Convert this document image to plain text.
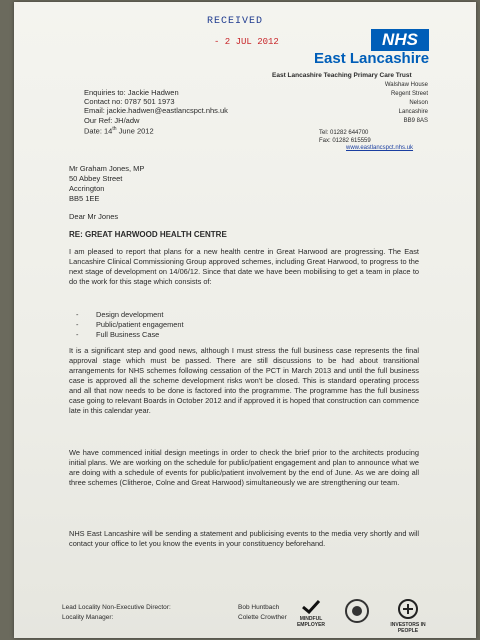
RECEIVED
- 2 JUL 2012	NHS
East Lancashire
East Lancashire Teaching Primary Care Trust
Walshaw House
Regent Street
Nelson
Lancashire
BB9 8AS
Tel: 01282 644700
Fax: 01282 615559
www.eastlancspct.nhs.uk
Enquiries to: Jackie Hadwen
Contact no: 0787 501 1973
Email: jackie.hadwen@eastlancspct.nhs.uk
Our Ref: JH/adw
Date: 14th June 2012
Mr Graham Jones, MP
50 Abbey Street
Accrington
BB5 1EE
Dear Mr Jones
RE: GREAT HARWOOD HEALTH CENTRE
I am pleased to report that plans for a new health centre in Great Harwood are progressing. The East Lancashire Clinical Commissioning Group approved schemes, including Great Harwood, to progress to the next stage of development on 14/06/12. Since that date we have been mobilising to get a team in place to do the work for this stage which consists of:
-	Design development
-	Public/patient engagement
-	Full Business Case
It is a significant step and good news, although I must stress the full business case represents the final approval stage which must be passed. There are still discussions to be had about transitional arrangements for NHS schemes following cessation of the PCT in March 2013 and until the full business case is approved all the scheme development risks won't be closed. This is standard operating process and all that now needs to be done is factored into the programme. The programme has the full business case going to relevant Boards in October 2012 and if approved it is hoped that construction can commence late in this calendar year.
We have commenced initial design meetings in order to check the brief prior to the architects producing initial plans. We are working on the schedule for public/patient engagement and plan to announce what we are doing with a schedule of events for public/patient involvement by the end of June. As we are doing all three schemes (Clitheroe, Colne and Great Harwood) simultaneously we are strengthening our team.
NHS East Lancashire will be sending a statement and publicising events to the media very shortly and will contact your office to let you know the events in your constituency beforehand.
Lead Locality Non-Executive Director:
Locality Manager:
Bob Huntbach
Colette Crowther	MINDFUL EMPLOYER	INVESTORS IN PEOPLE
